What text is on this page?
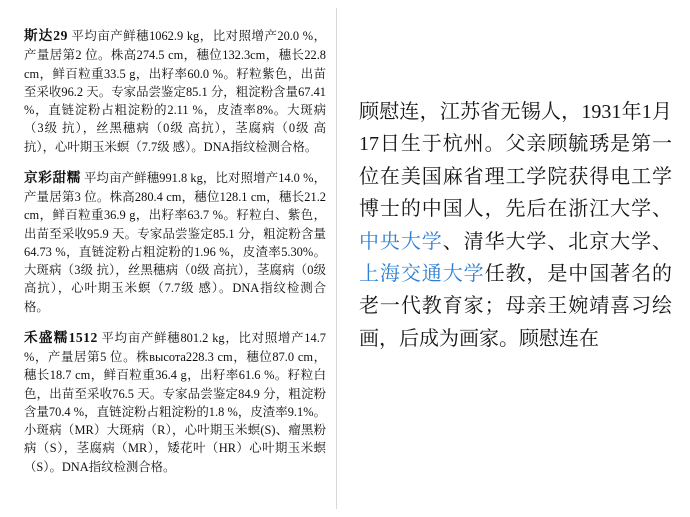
斯达29 平均亩产鲜穗1062.9 kg，比对照增产20.0 %，产量居第2 位。株高274.5 cm，穗位132.3cm，穗长22.8 cm，鲜百粒重33.5 g，出籽率60.0 %。籽粒紫色，出苗至采收96.2 天。专家品尝鉴定85.1 分，粗淀粉含量67.41 %，直链淀粉占粗淀粉的2.11 %，皮渣率8%。大斑病（3级 抗），丝黑穗病（0级 高抗），茎腐病（0级 高抗），心叶期玉米螟（7.7级 感）。DNA指纹检测合格。

京彩甜糯 平均亩产鲜穗991.8 kg，比对照增产14.0 %，产量居第3 位。株高280.4 cm，穗位128.1 cm，穗长21.2 cm，鲜百粒重36.9 g，出籽率63.7 %。籽粒白、紫色，出苗至采收95.9 天。专家品尝鉴定85.1 分，粗淀粉含量64.73 %，直链淀粉占粗淀粉的1.96 %，皮渣率5.30%。大斑病（3级 抗），丝黑穗病（0级 高抗），茎腐病（0级 高抗），心叶期玉米螟（7.7级 感）。DNA指纹检测合格。

禾盛糯1512 平均亩产鲜穗801.2 kg，比对照增产14.7 %，产量居第5 位。株высота228.3 cm，穗位87.0 cm，穗长18.7 cm，鲜百粒重36.4 g，出籽率61.6 %。籽粒白色，出苗至采收76.5 天。专家品尝鉴定84.9 分，粗淀粉含量70.4 %，直链淀粉占粗淀粉的1.8 %，皮渣率9.1%。小斑病（MR）大斑病（R），心叶期玉米螟(S)、瘤黑粉病（S），茎腐病（MR），矮花叶（HR）心叶期玉米螟（S）。DNA指纹检测合格。

顾慰连，江苏省无锡人，1931年1月17日生于杭州。父亲顾毓琇是第一位在美国麻省理工学院获得电工学博士的中国人，先后在浙江大学、中央大学、清华大学、北京大学、上海交通大学任教，是中国著名的老一代教育家；母亲王婉靖喜习绘画，后成为画家。顾慰连在
